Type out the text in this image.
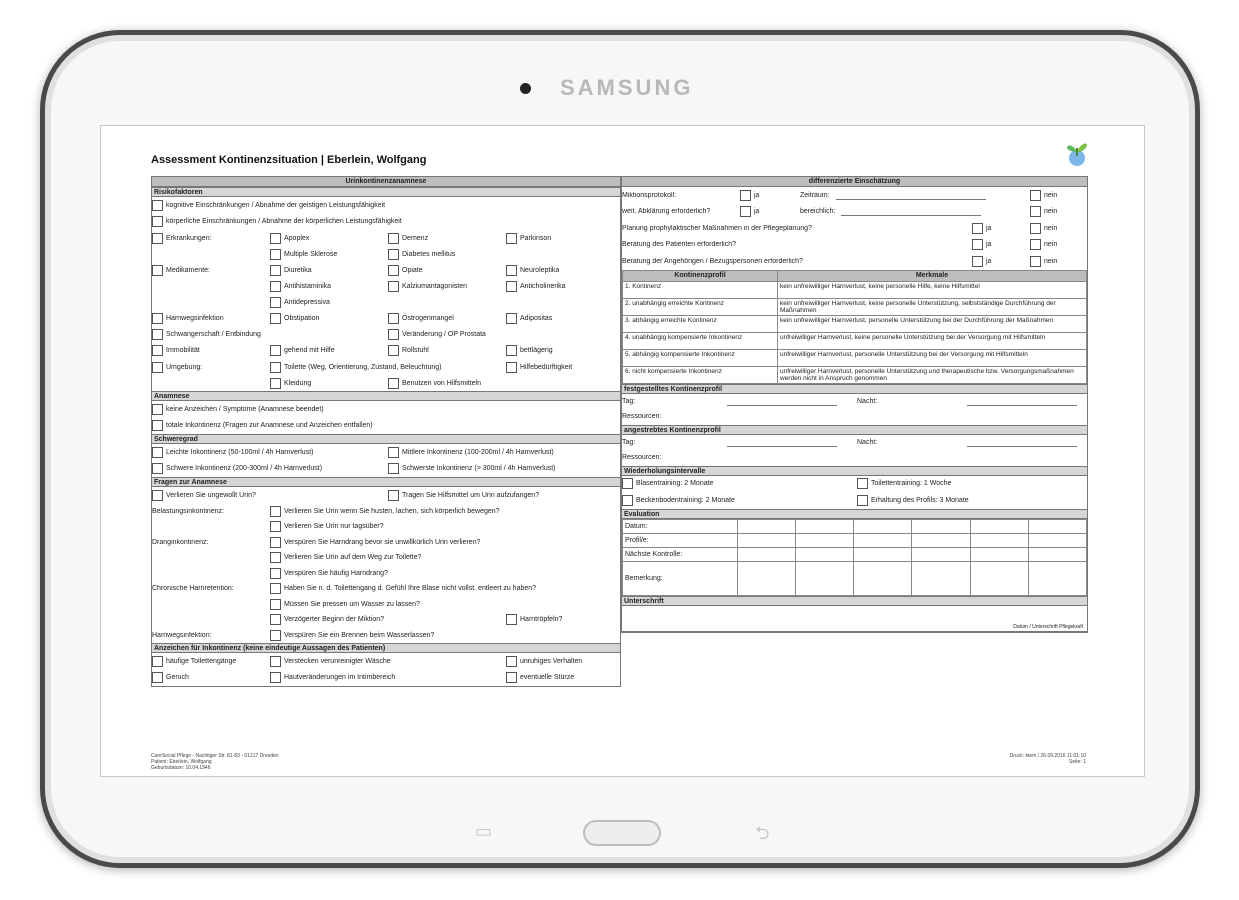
SAMSUNG
Assessment Kontinenzsituation | Eberlein, Wolfgang
Urinkontinenzanamnese
Risikofaktoren
kognitive Einschränkungen / Abnahme der geistigen Leistungsfähigkeit
körperliche Einschränkungen / Abnahme der körperlichen Leistungsfähigkeit
Erkrankungen:	Apoplex	Demenz	Parkinson
Multiple Sklerose	Diabetes mellitus
Medikamente:	Diuretika	Opiate	Neuroleptika
Antihistaminika	Kalziumantagonisten	Anticholinerika
Antidepressiva
Harnwegsinfektion	Obstipation	Östrogenmangel	Adipositas
Schwangerschaft / Entbindung	Veränderung / OP Prostata
Immobilität	gehend mit Hilfe	Rollstuhl	bettlägerig
Umgebung:	Toilette (Weg, Orientierung, Zustand, Beleuchtung)	Hilfebedürftigkeit
Kleidung	Benutzen von Hilfsmitteln
Anamnese
keine Anzeichen / Symptome (Anamnese beendet)
totale Inkontinenz (Fragen zur Anamnese und Anzeichen entfallen)
Schweregrad
Leichte Inkontinenz (50-100ml / 4h Harnverlust)	Mittlere Inkontinenz (100-200ml / 4h Harnverlust)
Schwere Inkontinenz (200-300ml / 4h Harnverlust)	Schwerste Inkontinenz (> 300ml / 4h Harnverlust)
Fragen zur Anamnese
Verlieren Sie ungewollt Urin?	Tragen Sie Hilfsmittel um Urin aufzufangen?
Belastungsinkontinenz:	Verlieren Sie Urin wenn Sie husten, lachen, sich körperlich bewegen?
Verlieren Sie Urin nur tagsüber?
Dranginkontinenz:	Verspüren Sie Harndrang bevor sie unwillkürlich Urin verlieren?
Verlieren Sie Urin auf dem Weg zur Toilette?
Verspüren Sie häufig Harndrang?
Chronische Harnretention:	Haben Sie n. d. Toilettengang d. Gefühl Ihre Blase nicht vollst. entleert zu haben?
Müssen Sie pressen um Wasser zu lassen?
Verzögerter Beginn der Miktion?	Harntröpfeln?
Harnwegsinfektion:	Verspüren Sie ein Brennen beim Wasserlassen?
Anzeichen für Inkontinenz (keine eindeutige Aussagen des Patienten)
häufige Toilettengänge	Verstecken verunreinigter Wäsche	unruhiges Verhalten
Geruch	Hautveränderungen im Intimbereich	eventuelle Stürze
differenzierte Einschätzung
Miktionsprotokoll:	ja	Zeitraum:	nein
weit. Abklärung erforderlich?	ja	bereichlich:	nein
Planung prophylaktischer Maßnahmen in der Pflegeplanung?	ja	nein
Beratung des Patienten erforderlich?	ja	nein
Beratung der Angehörigen / Bezugspersonen erforderlich?	ja	nein
Kontinenzprofil	Merkmale
1. Kontinenz	kein unfreiwilliger Harnverlust, keine personelle Hilfe, keine Hilfsmittel
2. unabhängig erreichte Kontinenz	kein unfreiwilliger Harnverlust, keine personelle Unterstützung, selbstständige Durchführung der Maßnahmen
3. abhängig erreichte Kontinenz	kein unfreiwilliger Harnverlust, personelle Unterstützung bei der Durchführung der Maßnahmen
4. unabhängig kompensierte Inkontinenz	unfreiwilliger Harnverlust, keine personelle Unterstützung bei der Versorgung mit Hilfsmitteln
5. abhängig kompensierte Inkontinenz	unfreiwilliger Harnverlust, personelle Unterstützung bei der Versorgung mit Hilfsmitteln
6. nicht kompensierte Inkontinenz	unfreiwilliger Harnverlust, personelle Unterstützung und therapeutische bzw. Versorgungsmaßnahmen werden nicht in Anspruch genommen
festgestelltes Kontinenzprofil
Tag:	Nacht:
Ressourcen:
angestrebtes Kontinenzprofil
Tag:	Nacht:
Ressourcen:
Wiederholungsintervalle
Blasentraining: 2 Monate	Toilettentraining: 1 Woche
Beckenbodentraining: 2 Monate	Erhaltung des Profils: 3 Monate
Evaluation
Datum:						
Profil/e:						
Nächste Kontrolle:						
Bemerkung:						
Unterschrift
Datum / Unterschrift Pflegekraft
CareSocial Pflege - Nachtiger Str. 81-83 - 01217 Dresden
Patient: Eberlein, Wolfgang
Geburtsdatum: 10.04.1946
Druck: ktem / 26.09.2016 11:01:10
Seite: 1
▭	⮌
